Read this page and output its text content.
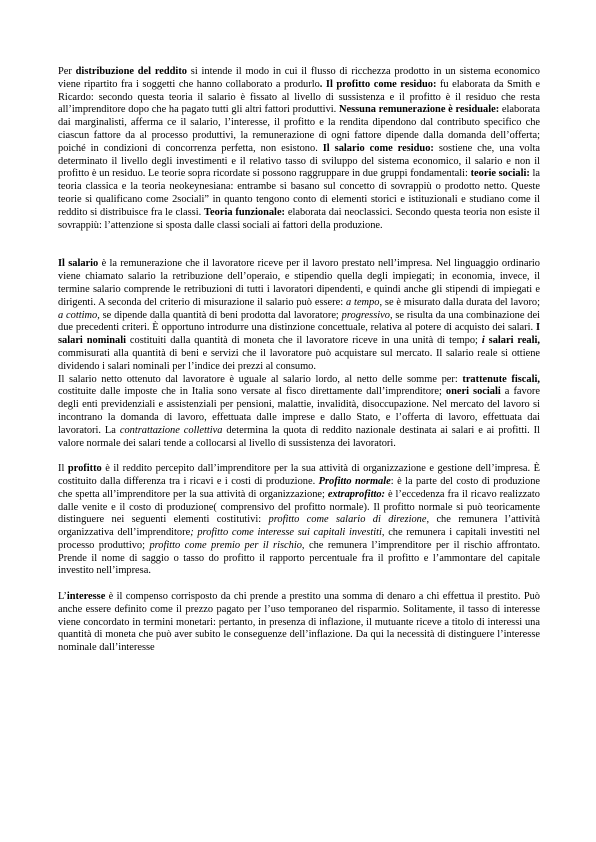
Per distribuzione del reddito si intende il modo in cui il flusso di ricchezza prodotto in un sistema economico viene ripartito fra i soggetti che hanno collaborato a produrlo. Il profitto come residuo: fu elaborata da Smith e Ricardo: secondo questa teoria il salario è fissato al livello di sussistenza e il profitto è il residuo che resta all’imprenditore dopo che ha pagato tutti gli altri fattori produttivi. Nessuna remunerazione è residuale: elaborata dai marginalisti, afferma ce il salario, l’interesse, il profitto e la rendita dipendono dal contributo specifico che ciascun fattore da al processo produttivi, la remunerazione di ogni fattore dipende dalla domanda dell’offerta; poiché in condizioni di concorrenza perfetta, non esistono. Il salario come residuo: sostiene che, una volta determinato il livello degli investimenti e il relativo tasso di sviluppo del sistema economico, il salario e non il profitto è un residuo. Le teorie sopra ricordate si possono raggruppare in due gruppi fondamentali: teorie sociali: la teoria classica e la teoria neokeynesiana: entrambe si basano sul concetto di sovrappiù o prodotto netto. Queste teorie si qualificano come 2sociali” in quanto tengono conto di elementi storici e istituzionali e studiano come il reddito si distribuisce fra le classi. Teoria funzionale: elaborata dai neoclassici. Secondo questa teoria non esiste il sovrappiù: l’attenzione si sposta dalle classi sociali ai fattori della produzione.

Il salario è la remunerazione che il lavoratore riceve per il lavoro prestato nell’impresa. Nel linguaggio ordinario viene chiamato salario la retribuzione dell’operaio, e stipendio quella degli impiegati; in economia, invece, il termine salario comprende le retribuzioni di tutti i lavoratori dipendenti, e quindi anche gli stipendi di impiegati e dirigenti. A seconda del criterio di misurazione il salario può essere: a tempo, se è misurato dalla durata del lavoro; a cottimo, se dipende dalla quantità di beni prodotta dal lavoratore; progressivo, se risulta da una combinazione dei due precedenti criteri. È opportuno introdurre una distinzione concettuale, relativa al potere di acquisto dei salari. I salari nominali costituiti dalla quantità di moneta che il lavoratore riceve in una unità di tempo; i salari reali, commisurati alla quantità di beni e servizi che il lavoratore può acquistare sul mercato. Il salario reale si ottiene dividendo i salari nominali per l’indice dei prezzi al consumo.

Il salario netto ottenuto dal lavoratore è uguale al salario lordo, al netto delle somme per: trattenute fiscali, costituite dalle imposte che in Italia sono versate al fisco direttamente dall’imprenditore; oneri sociali a favore degli enti previdenziali e assistenziali per pensioni, malattie, invalidità, disoccupazione. Nel mercato del lavoro si incontrano la domanda di lavoro, effettuata dalle imprese e dallo Stato, e l’offerta di lavoro, effettuata dai lavoratori. La contrattazione collettiva determina la quota di reddito nazionale destinata ai salari e ai profitti. Il valore normale dei salari tende a collocarsi al livello di sussistenza dei lavoratori.

Il profitto è il reddito percepito dall’imprenditore per la sua attività di organizzazione e gestione dell’impresa. È costituito dalla differenza tra i ricavi e i costi di produzione. Profitto normale: è la parte del costo di produzione che spetta all’imprenditore per la sua attività di organizzazione; extraprofitto: è l’eccedenza fra il ricavo realizzato dalle venite e il costo di produzione( comprensivo del profitto normale). Il profitto normale si può teoricamente distinguere nei seguenti elementi costitutivi: profitto come salario di direzione, che remunera l’attività organizzativa dell’imprenditore; profitto come interesse sui capitali investiti, che remunera i capitali investiti nel processo produttivo; profitto come premio per il rischio, che remunera l’imprenditore per il rischio affrontato. Prende il nome di saggio o tasso do profitto il rapporto percentuale fra il profitto e l’ammontare del capitale investito nell’impresa.

L’interesse è il compenso corrisposto da chi prende a prestito una somma di denaro a chi effettua il prestito. Può anche essere definito come il prezzo pagato per l’uso temporaneo del risparmio. Solitamente, il tasso di interesse viene concordato in termini monetari: pertanto, in presenza di inflazione, il mutuante riceve a titolo di interessi una quantità di moneta che può aver subito le conseguenze dell’inflazione. Da qui la necessità di distinguere l’interesse nominale dall’interesse
